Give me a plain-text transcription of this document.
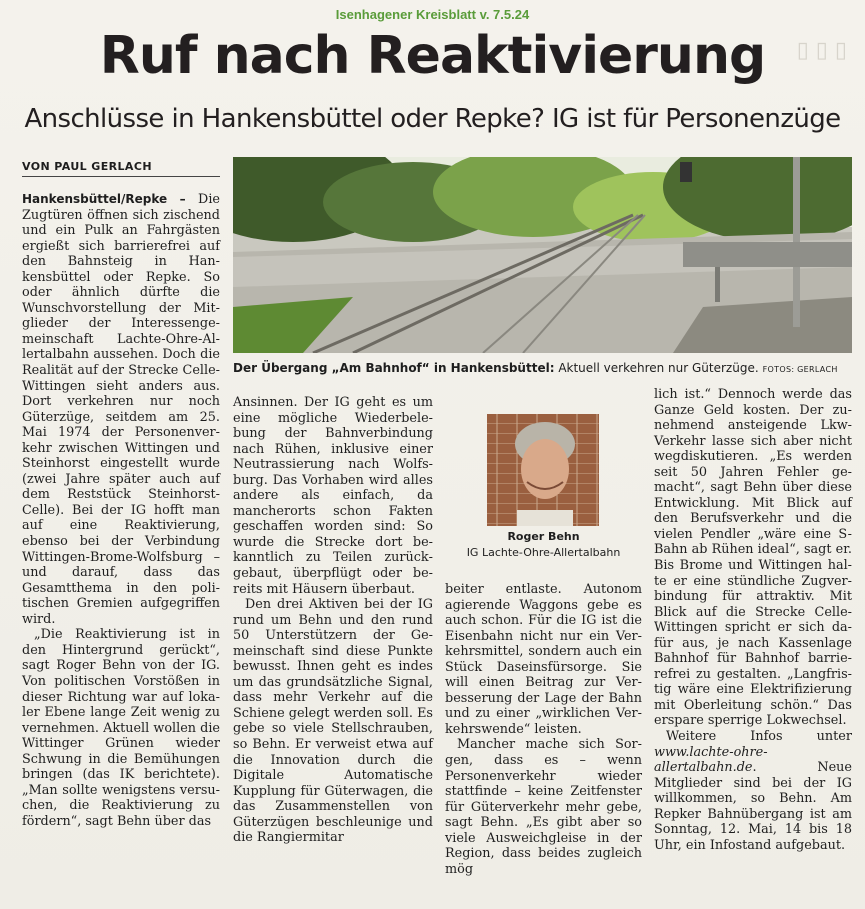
▯ ▯ ▯
Isenhagener Kreisblatt v. 7.5.24
Ruf nach Reaktivierung
Anschlüsse in Hankensbüttel oder Repke? IG ist für Personenzüge
VON PAUL GERLACH
Der Übergang „Am Bahnhof“ in Hankensbüttel: Aktuell verkehren nur Güterzüge. FOTOS: GERLACH
Roger Behn
IG Lachte-Ohre-Allertalbahn

Hankensbüttel/Repke – Die Zugtüren öffnen sich zischend und ein Pulk an Fahrgästen ergießt sich barrierefrei auf den Bahnsteig in Hankensbüttel oder Repke. So oder ähnlich dürfte die Wunschvorstellung der Mitglieder der Interessengemeinschaft Lachte-Ohre-Allertalbahn aussehen. Doch die Realität auf der Strecke Celle-Wittingen sieht anders aus. Dort verkehren nur noch Güterzüge, seitdem am 25. Mai 1974 der Personenverkehr zwischen Wittingen und Steinhorst eingestellt wurde (zwei Jahre später auch auf dem Reststück Steinhorst-Celle). Bei der IG hofft man auf eine Reaktivierung, ebenso bei der Verbindung Wittingen-Brome-Wolfsburg – und darauf, dass das Gesamtthema in den politischen Gremien aufgegriffen wird.

„Die Reaktivierung ist in den Hintergrund gerückt“, sagt Roger Behn von der IG. Von politischen Vorstößen in dieser Richtung war auf lokaler Ebene lange Zeit wenig zu vernehmen. Aktuell wollen die Wittinger Grünen wieder Schwung in die Bemühungen bringen (das IK berichtete). „Man sollte wenigstens versuchen, die Reaktivierung zu fördern“, sagt Behn über das

Ansinnen. Der IG geht es um eine mögliche Wiederbelebung der Bahnverbindung nach Rühen, inklusive einer Neutrassierung nach Wolfsburg. Das Vorhaben wird alles andere als einfach, da mancherorts schon Fakten geschaffen worden sind: So wurde die Strecke dort bekanntlich zu Teilen zurückgebaut, überpflügt oder bereits mit Häusern überbaut.

Den drei Aktiven bei der IG rund um Behn und den rund 50 Unterstützern der Gemeinschaft sind diese Punkte bewusst. Ihnen geht es indes um das grundsätzliche Signal, dass mehr Verkehr auf die Schiene gelegt werden soll. Es gebe so viele Stellschrauben, so Behn. Er verweist etwa auf die Innovation durch die Digitale Automatische Kupplung für Güterwagen, die das Zusammenstellen von Güterzügen beschleunige und die Rangiermitar

beiter entlaste. Autonom agierende Waggons gebe es auch schon. Für die IG ist die Eisenbahn nicht nur ein Verkehrsmittel, sondern auch ein Stück Daseinsfürsorge. Sie will einen Beitrag zur Verbesserung der Lage der Bahn und zu einer „wirklichen Verkehrswende“ leisten.

Mancher mache sich Sorgen, dass es – wenn Personenverkehr wieder stattfinde – keine Zeitfenster für Güterverkehr mehr gebe, sagt Behn. „Es gibt aber so viele Ausweichgleise in der Region, dass beides zugleich mög

lich ist.“ Dennoch werde das Ganze Geld kosten. Der zunehmend ansteigende Lkw-Verkehr lasse sich aber nicht wegdiskutieren. „Es werden seit 50 Jahren Fehler gemacht“, sagt Behn über diese Entwicklung. Mit Blick auf den Berufsverkehr und die vielen Pendler „wäre eine S-Bahn ab Rühen ideal“, sagt er. Bis Brome und Wittingen halte er eine stündliche Zugverbindung für attraktiv. Mit Blick auf die Strecke Celle-Wittingen spricht er sich dafür aus, je nach Kassenlage Bahnhof für Bahnhof barrierefrei zu gestalten. „Langfristig wäre eine Elektrifizierung mit Oberleitung schön.“ Das erspare sperrige Lokwechsel.

Weitere Infos unter www.lachte-ohre-allertalbahn.de. Neue Mitglieder sind bei der IG willkommen, so Behn. Am Repker Bahnübergang ist am Sonntag, 12. Mai, 14 bis 18 Uhr, ein Infostand aufgebaut.
